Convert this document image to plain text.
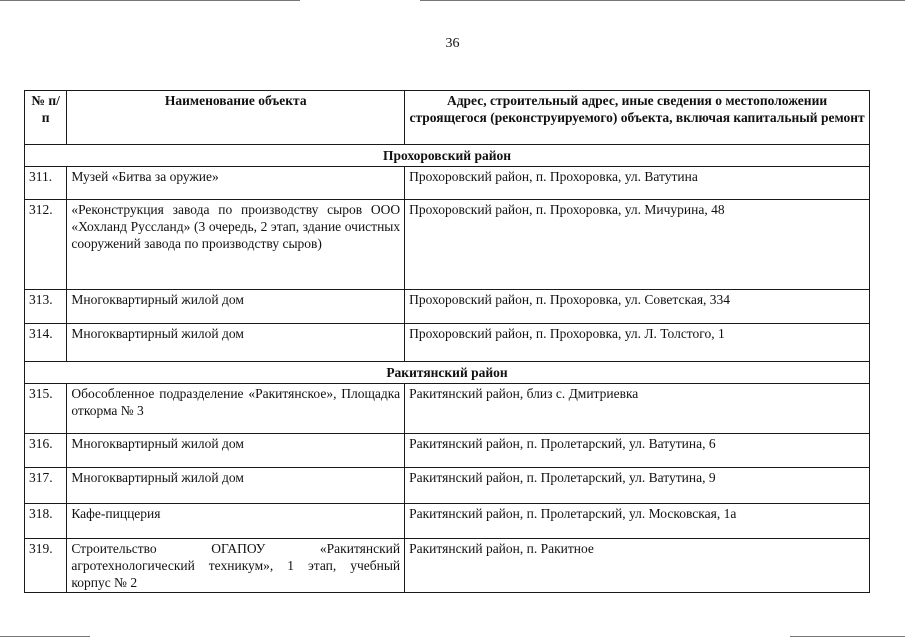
36
№ п/п	Наименование объекта	Адрес, строительный адрес, иные сведения о местоположении строящегося (реконструируемого) объекта, включая капитальный ремонт
Прохоровский район		
311.	Музей «Битва за оружие»	Прохоровский район, п. Прохоровка, ул. Ватутина
312.	«Реконструкция завода по производству сыров ООО «Хохланд Руссланд» (3 очередь, 2 этап, здание очистных сооружений завода по производству сыров)	Прохоровский район, п. Прохоровка, ул. Мичурина, 48
313.	Многоквартирный жилой дом	Прохоровский район, п. Прохоровка, ул. Советская, 334
314.	Многоквартирный жилой дом	Прохоровский район, п. Прохоровка, ул. Л. Толстого, 1
Ракитянский район		
315.	Обособленное подразделение «Ракитянское», Площадка откорма № 3	Ракитянский район, близ с. Дмитриевка
316.	Многоквартирный жилой дом	Ракитянский район, п. Пролетарский, ул. Ватутина, 6
317.	Многоквартирный жилой дом	Ракитянский район, п. Пролетарский, ул. Ватутина, 9
318.	Кафе-пиццерия	Ракитянский район, п. Пролетарский, ул. Московская, 1а
319.	Строительство ОГАПОУ «Ракитянский агротехнологический техникум», 1 этап, учебный корпус № 2	Ракитянский район, п. Ракитное
